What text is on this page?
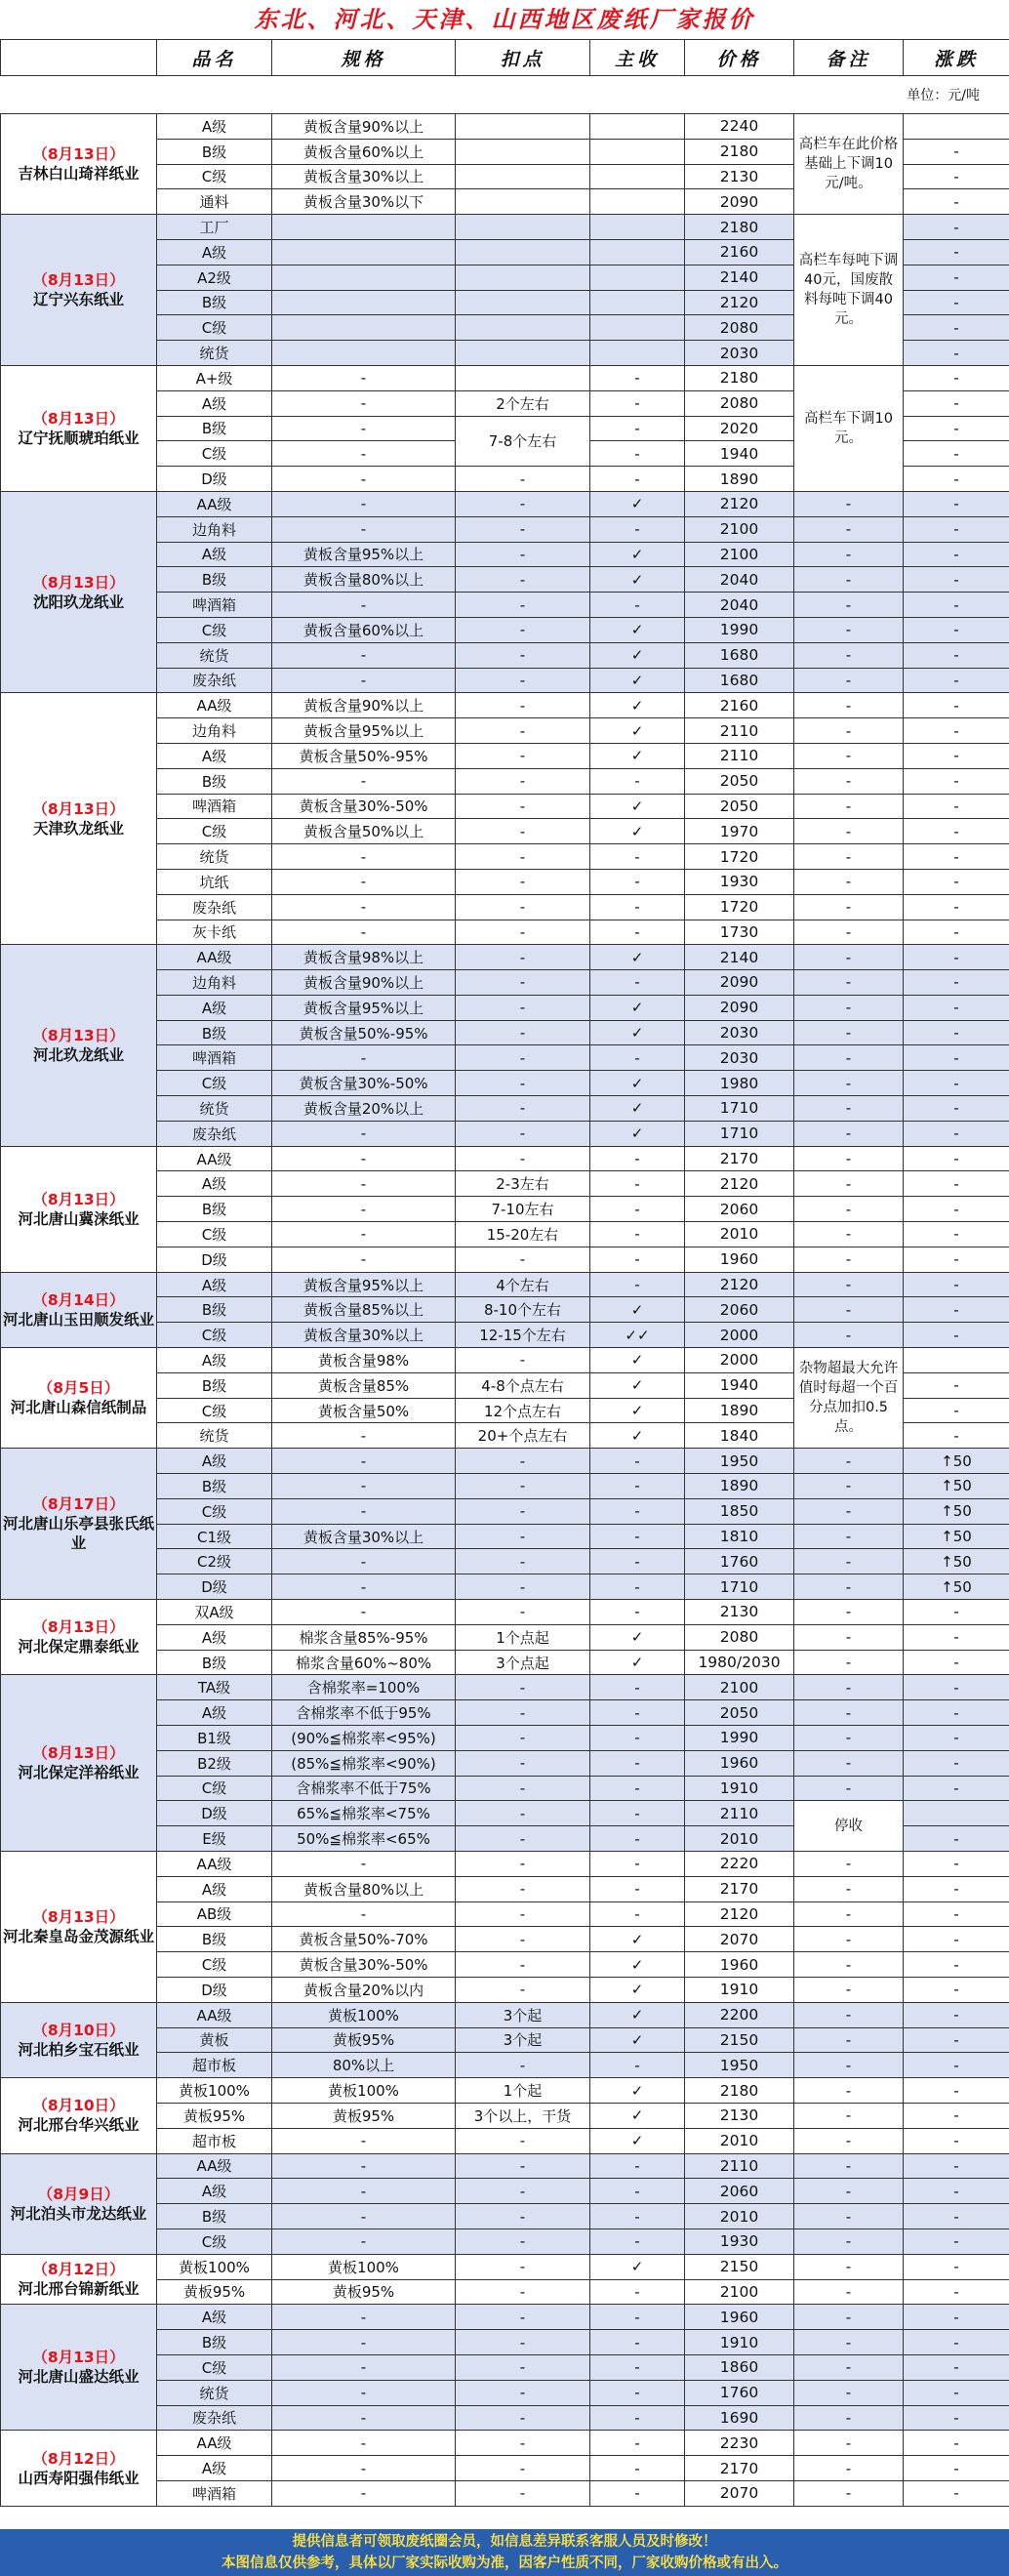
东北、河北、天津、山西地区废纸厂家报价
	品名	规格	扣点	主收	价格	备注	涨跌
单位：元/吨							

（8月13日）
吉林白山琦祥纸业	A级	黄板含量90%以上			2240	高栏车在此价格基础上下调10元/吨。	
	B级	黄板含量60%以上			2180		-
	C级	黄板含量30%以上			2130		-
	通料	黄板含量30%以下			2090		-

（8月13日）
辽宁兴东纸业	工厂				2180	高栏车每吨下调40元，国废散料每吨下调40元。	-
	A级				2160		-
	A2级				2140		-
	B级				2120		-
	C级				2080		-
	统货				2030		-

（8月13日）
辽宁抚顺琥珀纸业	A+级	-		-	2180	高栏车下调10元。	-
	A级	-	2个左右	-	2080		-
	B级	-	7-8个左右	-	2020		-
	C级	-		-	1940		-
	D级	-	-	-	1890		-

（8月13日）
沈阳玖龙纸业	AA级	-	-	✓	2120	-	-
	边角料	-	-	-	2100	-	-
	A级	黄板含量95%以上	-	✓	2100	-	-
	B级	黄板含量80%以上	-	✓	2040	-	-
	啤酒箱	-	-	-	2040	-	-
	C级	黄板含量60%以上	-	✓	1990	-	-
	统货	-	-	✓	1680	-	-
	废杂纸	-	-	✓	1680	-	-

（8月13日）
天津玖龙纸业	AA级	黄板含量90%以上	-	✓	2160	-	-
	边角料	黄板含量95%以上	-	✓	2110	-	-
	A级	黄板含量50%-95%	-	✓	2110	-	-
	B级	-	-	-	2050	-	-
	啤酒箱	黄板含量30%-50%	-	✓	2050	-	-
	C级	黄板含量50%以上	-	✓	1970	-	-
	统货	-	-	-	1720	-	-
	坑纸	-	-	-	1930	-	-
	废杂纸	-	-	-	1720	-	-
	灰卡纸	-	-	-	1730	-	-

（8月13日）
河北玖龙纸业	AA级	黄板含量98%以上	-	✓	2140	-	-
	边角料	黄板含量90%以上	-	-	2090	-	-
	A级	黄板含量95%以上	-	✓	2090	-	-
	B级	黄板含量50%-95%	-	✓	2030	-	-
	啤酒箱	-	-	-	2030	-	-
	C级	黄板含量30%-50%	-	✓	1980	-	-
	统货	黄板含量20%以上	-	✓	1710	-	-
	废杂纸	-	-	✓	1710	-	-

（8月13日）
河北唐山冀涞纸业	AA级	-	-	-	2170	-	-
	A级	-	2-3左右	-	2120	-	-
	B级	-	7-10左右	-	2060	-	-
	C级	-	15-20左右	-	2010	-	-
	D级	-	-	-	1960	-	-

（8月14日）
河北唐山玉田顺发纸业	A级	黄板含量95%以上	4个左右	-	2120	-	-
	B级	黄板含量85%以上	8-10个左右	✓	2060	-	-
	C级	黄板含量30%以上	12-15个左右	✓✓	2000	-	-

（8月5日）
河北唐山森信纸制品	A级	黄板含量98%	-	✓	2000	杂物超最大允许值时每超一个百分点加扣0.5点。	
	B级	黄板含量85%	4-8个点左右	✓	1940		-
	C级	黄板含量50%	12个点左右	✓	1890		-
	统货	-	20+个点左右	✓	1840		-

（8月17日）
河北唐山乐亭县张氏纸业	A级	-	-	-	1950	-	↑50
	B级	-	-	-	1890	-	↑50
	C级	-	-	-	1850	-	↑50
	C1级	黄板含量30%以上	-	-	1810	-	↑50
	C2级	-	-	-	1760	-	↑50
	D级	-	-	-	1710	-	↑50

（8月13日）
河北保定鼎泰纸业	双A级	-	-	-	2130	-	-
	A级	棉浆含量85%-95%	1个点起	✓	2080	-	-
	B级	棉浆含量60%~80%	3个点起	✓	1980/2030	-	-

（8月13日）
河北保定洋裕纸业	TA级	含棉浆率=100%	-	-	2100	-	-
	A级	含棉浆率不低于95%	-	-	2050	-	-
	B1级	(90%≦棉浆率<95%)	-	-	1990	-	-
	B2级	(85%≦棉浆率<90%)	-	-	1960	-	-
	C级	含棉浆率不低于75%	-	-	1910	-	-
	D级	65%≦棉浆率<75%	-	-	2110	停收	
	E级	50%≦棉浆率<65%	-	-	2010		-

（8月13日）
河北秦皇岛金茂源纸业	AA级	-	-	-	2220	-	-
	A级	黄板含量80%以上	-	-	2170	-	-
	AB级	-	-	-	2120	-	-
	B级	黄板含量50%-70%	-	✓	2070	-	-
	C级	黄板含量30%-50%	-	✓	1960	-	-
	D级	黄板含量20%以内	-	✓	1910	-	-

（8月10日）
河北柏乡宝石纸业	AA级	黄板100%	3个起	✓	2200	-	-
	黄板	黄板95%	3个起	✓	2150	-	-
	超市板	80%以上	-	-	1950	-	-

（8月10日）
河北邢台华兴纸业	黄板100%	黄板100%	1个起	✓	2180	-	-
	黄板95%	黄板95%	3个以上，干货	✓	2130	-	-
	超市板	-	-	✓	2010	-	-

（8月9日）
河北泊头市龙达纸业	AA级	-	-	-	2110	-	-
	A级	-	-	-	2060	-	-
	B级	-	-	-	2010	-	-
	C级	-	-	-	1930	-	-

（8月12日）
河北邢台锦新纸业	黄板100%	黄板100%	-	✓	2150	-	-
	黄板95%	黄板95%	-	-	2100	-	-

（8月13日）
河北唐山盛达纸业	A级	-	-	-	1960	-	-
	B级	-	-	-	1910	-	-
	C级	-	-	-	1860	-	-
	统货	-	-	-	1760	-	-
	废杂纸	-	-	-	1690	-	-

（8月12日）
山西寿阳强伟纸业	AA级	-	-	-	2230	-	-
	A级	-	-	-	2170	-	-
	啤酒箱	-	-	-	2070	-	-
提供信息者可领取废纸圈会员，如信息差异联系客服人员及时修改！
本图信息仅供参考，具体以厂家实际收购为准，因客户性质不同，厂家收购价格或有出入。
